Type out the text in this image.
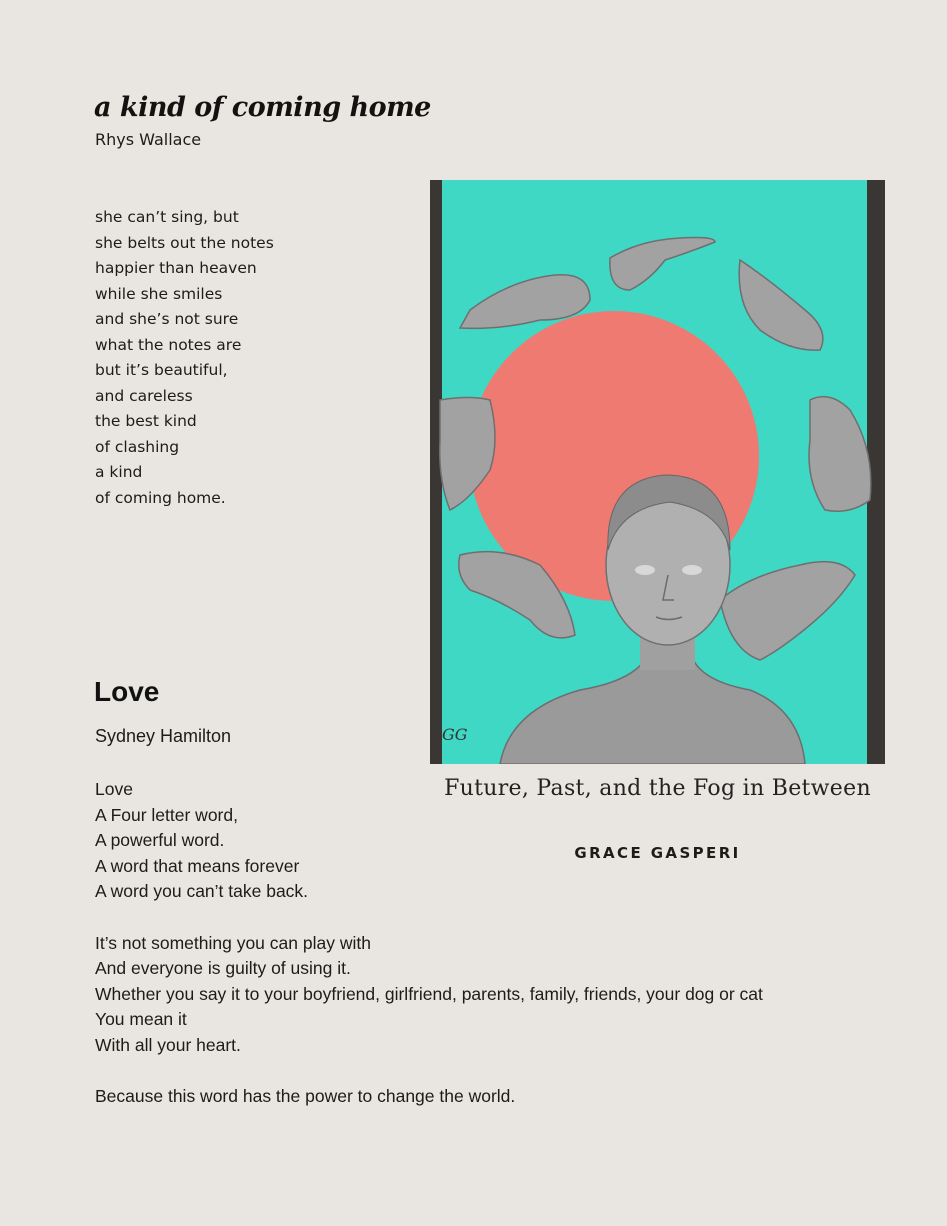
a kind of coming home
Rhys Wallace
she can’t sing, but
she belts out the notes
happier than heaven
while she smiles
and she’s not sure
what the notes are
but it’s beautiful,
and careless
the best kind
of clashing
a kind
of coming home.
GG
Future, Past, and the Fog in Between
GRACE GASPERI
Love
Sydney Hamilton
Love
A Four letter word,
A powerful word.
A word that means forever
A word you can’t take back.
It’s not something you can play with
And everyone is guilty of using it.
Whether you say it to your boyfriend, girlfriend, parents, family, friends, your dog or cat
You mean it
With all your heart.
Because this word has the power to change the world.
